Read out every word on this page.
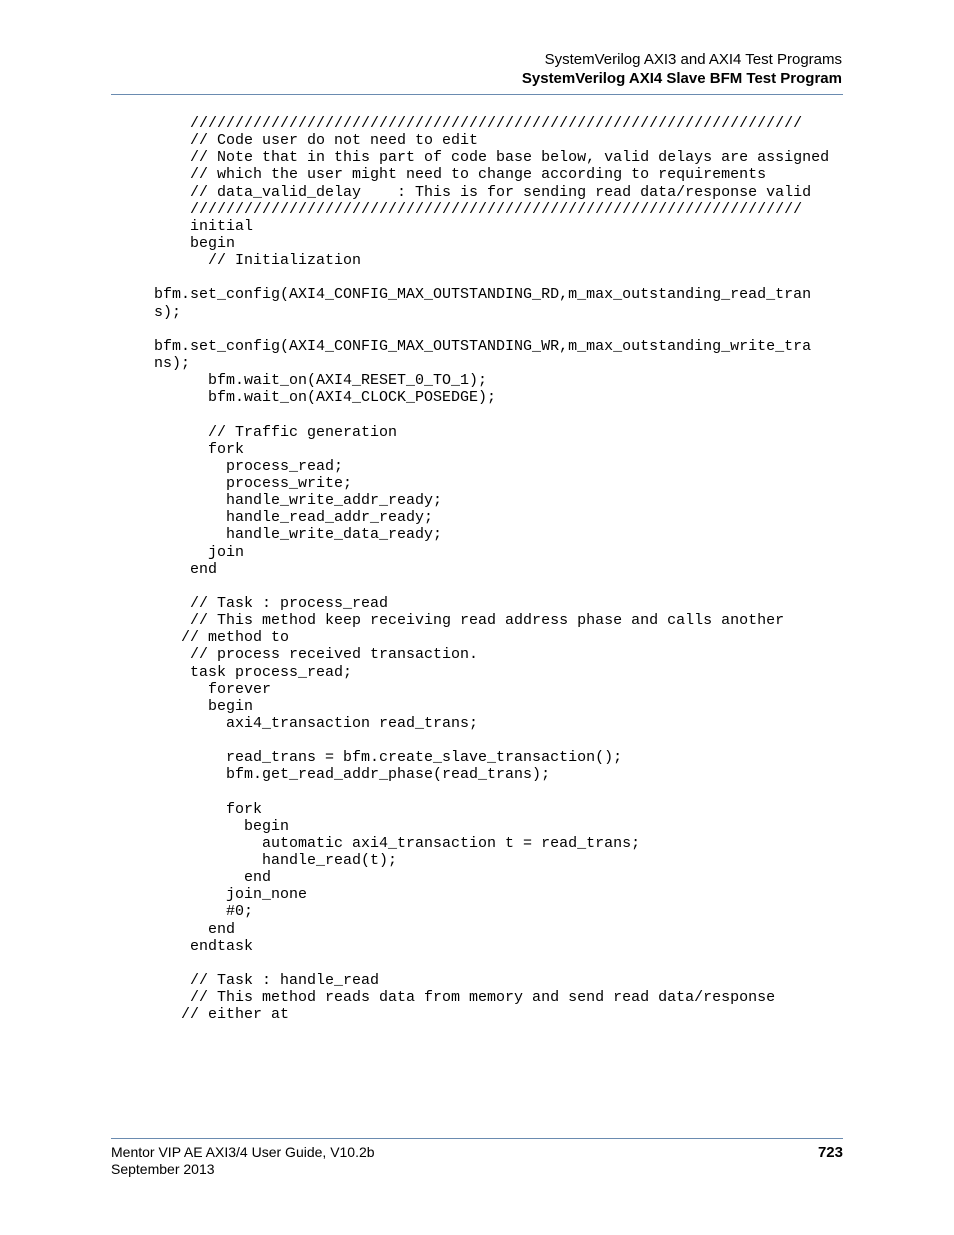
SystemVerilog AXI3 and AXI4 Test Programs
SystemVerilog AXI4 Slave BFM Test Program
////////////////////////////////////////////////////////////////////
// Code user do not need to edit
// Note that in this part of code base below, valid delays are assigned
// which the user might need to change according to requirements
// data_valid_delay    : This is for sending read data/response valid
////////////////////////////////////////////////////////////////////
initial
begin
// Initialization
bfm.set_config(AXI4_CONFIG_MAX_OUTSTANDING_RD,m_max_outstanding_read_tran
s);
bfm.set_config(AXI4_CONFIG_MAX_OUTSTANDING_WR,m_max_outstanding_write_tra
ns);
bfm.wait_on(AXI4_RESET_0_TO_1);
bfm.wait_on(AXI4_CLOCK_POSEDGE);
// Traffic generation
fork
process_read;
process_write;
handle_write_addr_ready;
handle_read_addr_ready;
handle_write_data_ready;
join
end
// Task : process_read
// This method keep receiving read address phase and calls another
// method to
// process received transaction.
task process_read;
forever
begin
axi4_transaction read_trans;
read_trans = bfm.create_slave_transaction();
bfm.get_read_addr_phase(read_trans);
fork
begin
automatic axi4_transaction t = read_trans;
handle_read(t);
end
join_none
#0;
end
endtask
// Task : handle_read
// This method reads data from memory and send read data/response
// either at
Mentor VIP AE AXI3/4 User Guide, V10.2b
September 2013
723
